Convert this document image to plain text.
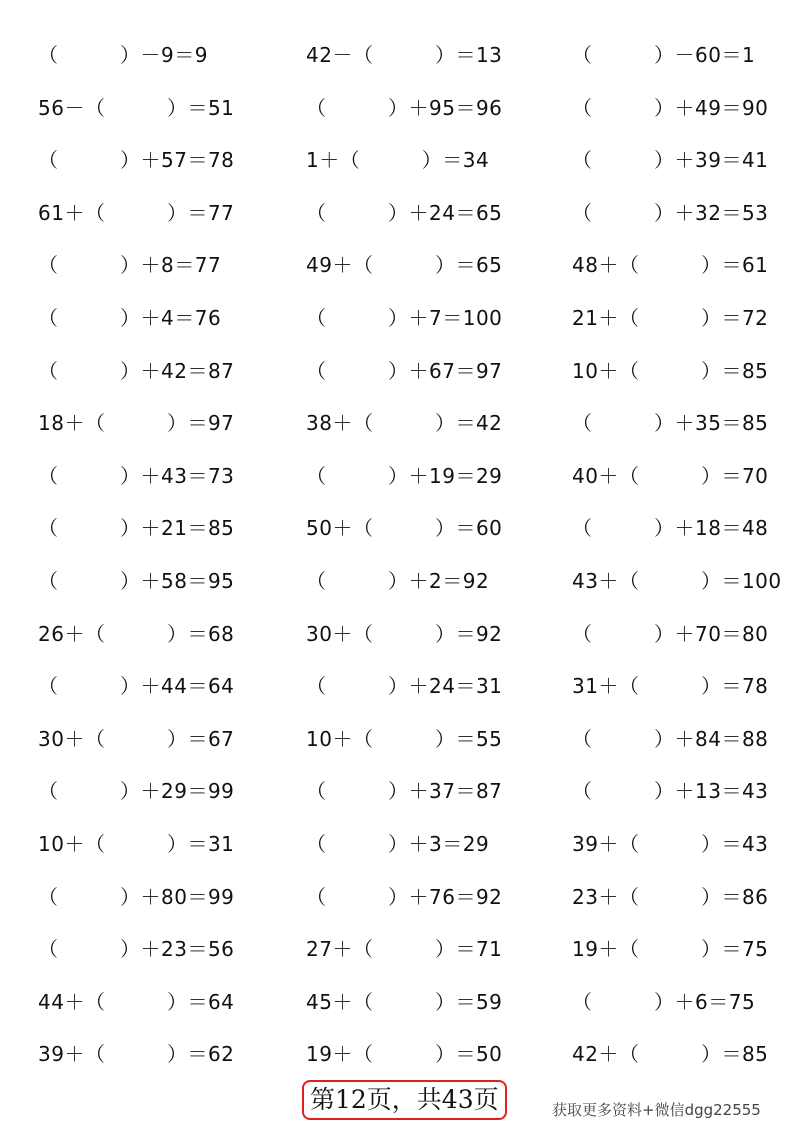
（　　　）－9＝9	42－（　　　）＝13	（　　　）－60＝1
56－（　　　）＝51	（　　　）＋95＝96	（　　　）＋49＝90
（　　　）＋57＝78	1＋（　　　）＝34	（　　　）＋39＝41
61＋（　　　）＝77	（　　　）＋24＝65	（　　　）＋32＝53
（　　　）＋8＝77	49＋（　　　）＝65	48＋（　　　）＝61
（　　　）＋4＝76	（　　　）＋7＝100	21＋（　　　）＝72
（　　　）＋42＝87	（　　　）＋67＝97	10＋（　　　）＝85
18＋（　　　）＝97	38＋（　　　）＝42	（　　　）＋35＝85
（　　　）＋43＝73	（　　　）＋19＝29	40＋（　　　）＝70
（　　　）＋21＝85	50＋（　　　）＝60	（　　　）＋18＝48
（　　　）＋58＝95	（　　　）＋2＝92	43＋（　　　）＝100
26＋（　　　）＝68	30＋（　　　）＝92	（　　　）＋70＝80
（　　　）＋44＝64	（　　　）＋24＝31	31＋（　　　）＝78
30＋（　　　）＝67	10＋（　　　）＝55	（　　　）＋84＝88
（　　　）＋29＝99	（　　　）＋37＝87	（　　　）＋13＝43
10＋（　　　）＝31	（　　　）＋3＝29	39＋（　　　）＝43
（　　　）＋80＝99	（　　　）＋76＝92	23＋（　　　）＝86
（　　　）＋23＝56	27＋（　　　）＝71	19＋（　　　）＝75
44＋（　　　）＝64	45＋（　　　）＝59	（　　　）＋6＝75
39＋（　　　）＝62	19＋（　　　）＝50	42＋（　　　）＝85
第12页，共43页	获取更多资料+微信dgg22555
